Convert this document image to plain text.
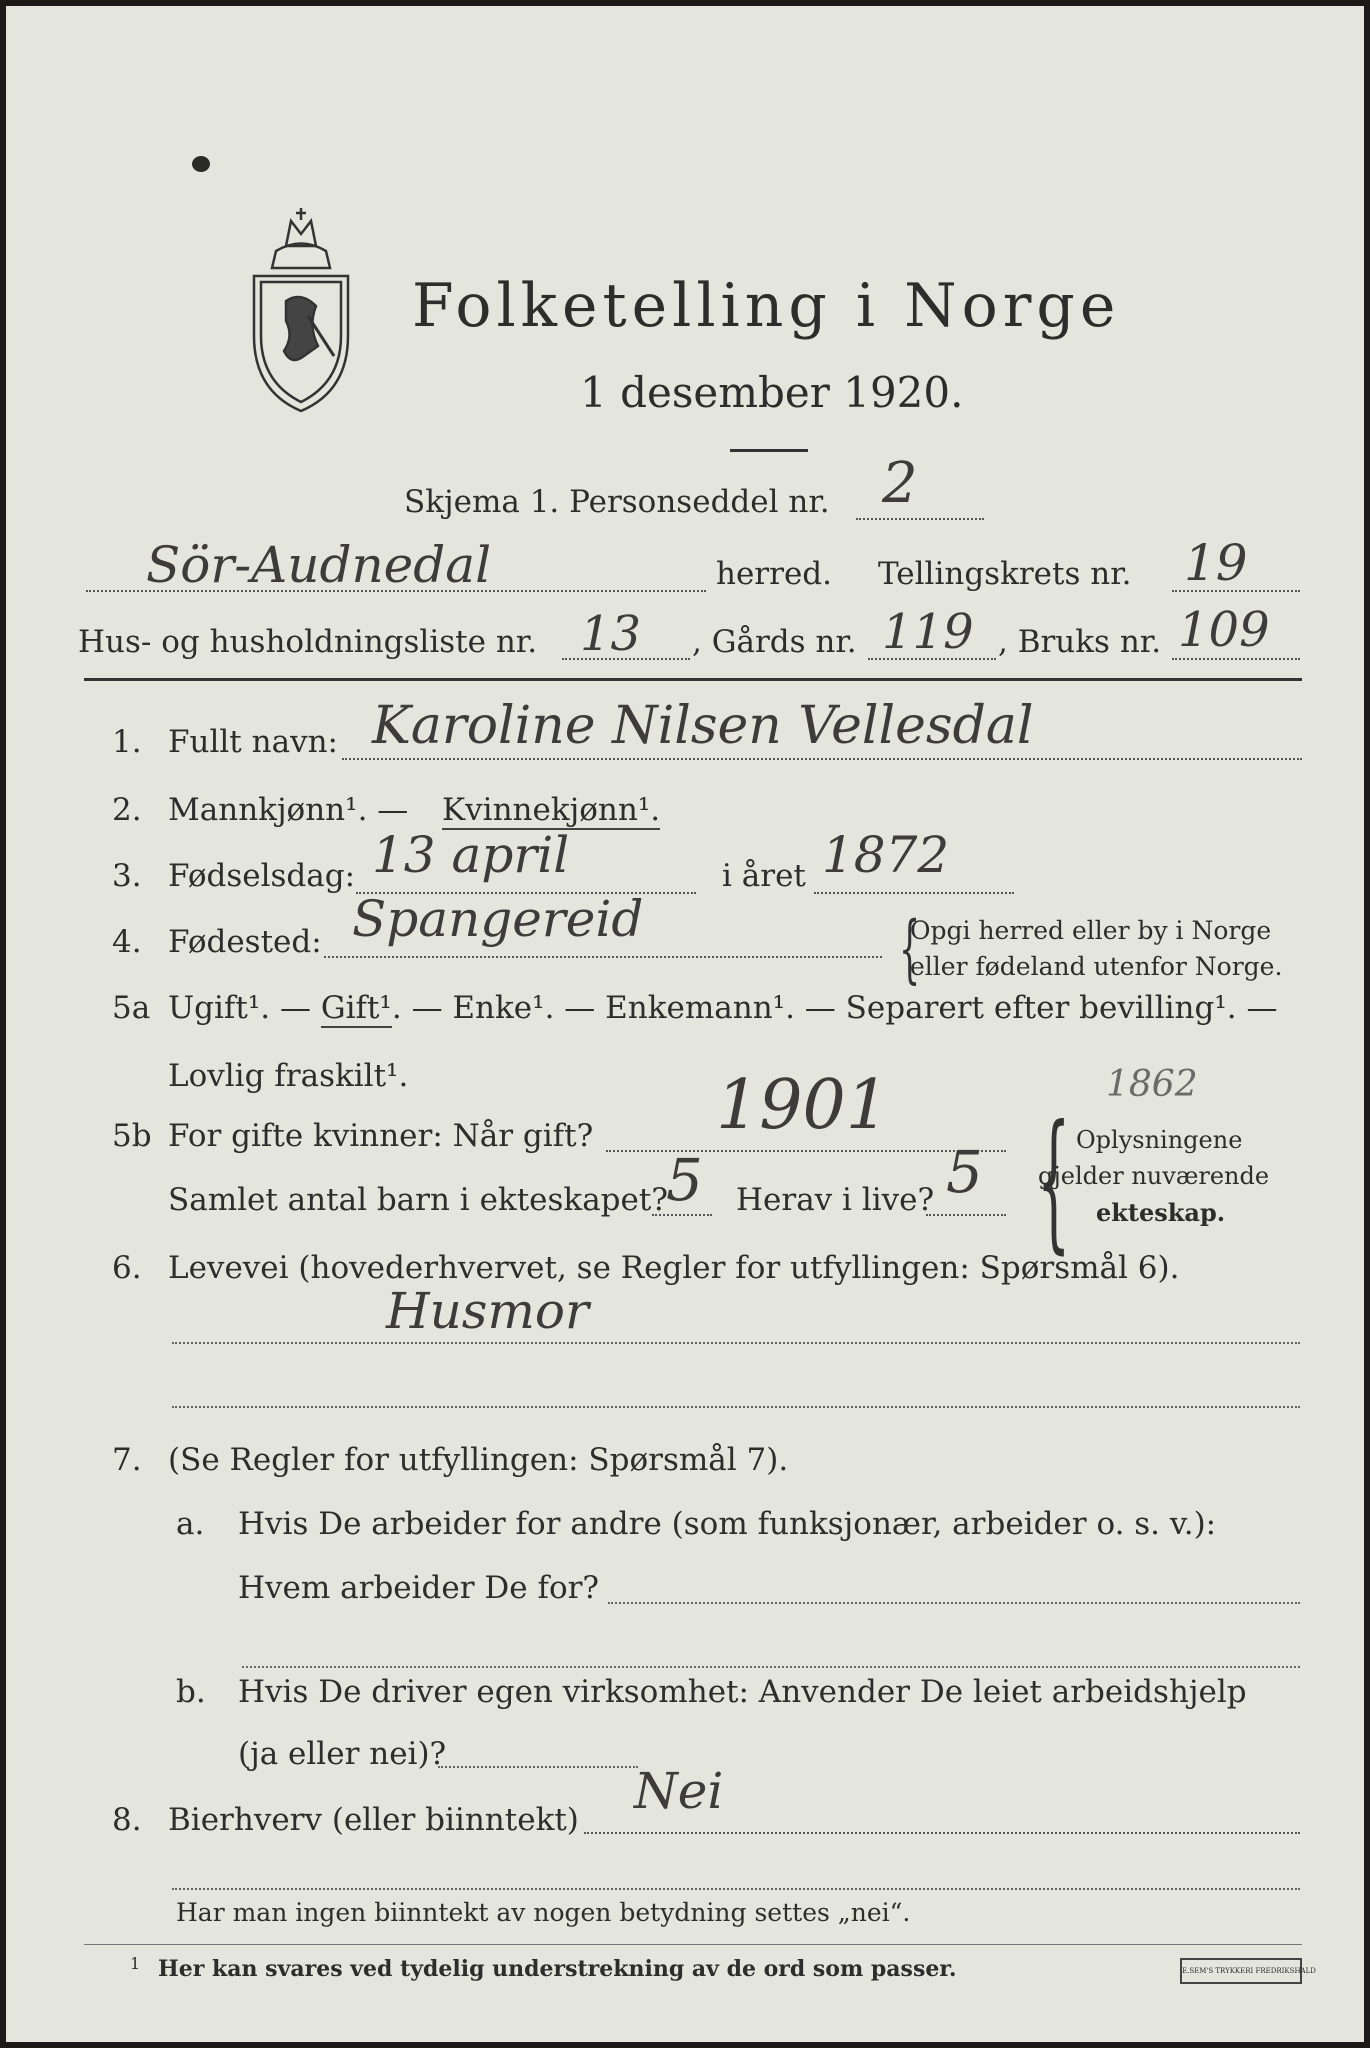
Folketelling i Norge
1 desember 1920.
Skjema 1. Personseddel nr. 2
Sör-Audnedal	herred. Tellingskrets nr. 19
Hus- og husholdningsliste nr. 13 , Gårds nr. 119 , Bruks nr. 109
1. Fullt navn: Karoline Nilsen Vellesdal
2. Mannkjønn¹. — Kvinnekjønn¹.
3. Fødselsdag: 13 april	i året 1872
4. Fødested: Spangereid	{
Opgi herred eller by i Norge
eller fødeland utenfor Norge.
5a Ugift¹. — Gift¹. — Enke¹. — Enkemann¹. — Separert efter bevilling¹. —
Lovlig fraskilt¹.
5b For gifte kvinner: Når gift? 1901	1862
Samlet antal barn i ekteskapet?
5 Herav i live? 5 { Oplysningene
gjelder nuværende
ekteskap.
6. Levevei (hovederhvervet, se Regler for utfyllingen: Spørsmål 6).
Husmor
7. (Se Regler for utfyllingen: Spørsmål 7).
a. Hvis De arbeider for andre (som funksjonær, arbeider o. s. v.):
Hvem arbeider De for?
b. Hvis De driver egen virksomhet: Anvender De leiet arbeidshjelp
(ja eller nei)?
8. Bierhverv (eller biinntekt) Nei
Har man ingen biinntekt av nogen betydning settes „nei“.
1 Her kan svares ved tydelig understrekning av de ord som passer.	E.SEM'S TRYKKERI FREDRIKSHALD
